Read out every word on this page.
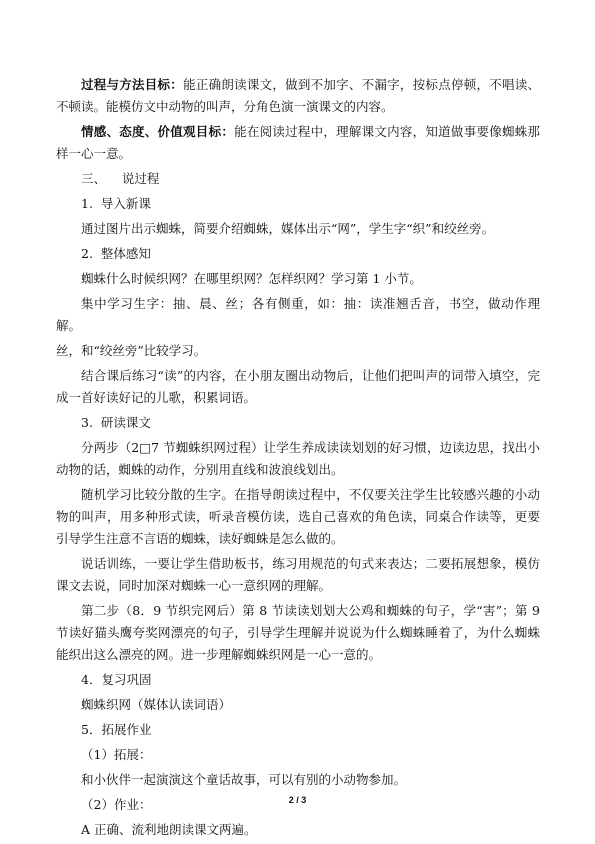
过程与方法目标：能正确朗读课文，做到不加字、不漏字，按标点停顿，不唱读、不顿读。能模仿文中动物的叫声，分角色演一演课文的内容。

情感、态度、价值观目标：能在阅读过程中，理解课文内容，知道做事要像蜘蛛那样一心一意。

三、    说过程

1.  导入新课

通过图片出示蜘蛛，简要介绍蜘蛛，媒体出示“网”，学生字“织”和绞丝旁。

2.  整体感知

蜘蛛什么时候织网？在哪里织网？怎样织网？学习第 1 小节。

集中学习生字：抽、晨、丝；各有侧重，如：抽：读准翘舌音，书空，做动作理解。

丝，和“绞丝旁”比较学习。

结合课后练习“读”的内容，在小朋友圈出动物后，让他们把叫声的词带入填空，完成一首好读好记的儿歌，积累词语。

3.  研读课文

分两步（2□7 节蜘蛛织网过程）让学生养成读读划划的好习惯，边读边思，找出小动物的话，蜘蛛的动作，分别用直线和波浪线划出。

随机学习比较分散的生字。在指导朗读过程中，不仅要关注学生比较感兴趣的小动物的叫声，用多种形式读，听录音模仿读，选自己喜欢的角色读，同桌合作读等，更要引导学生注意不言语的蜘蛛，读好蜘蛛是怎么做的。

说话训练，一要让学生借助板书，练习用规范的句式来表达；二要拓展想象，模仿课文去说，同时加深对蜘蛛一心一意织网的理解。

第二步（8．9 节织完网后）第 8 节读读划划大公鸡和蜘蛛的句子，学“害”；第 9 节读好猫头鹰夸奖网漂亮的句子，引导学生理解并说说为什么蜘蛛睡着了，为什么蜘蛛能织出这么漂亮的网。进一步理解蜘蛛织网是一心一意的。

4．复习巩固

蜘蛛织网（媒体认读词语）

5．拓展作业

（1）拓展：

和小伙伴一起演演这个童话故事，可以有别的小动物参加。

（2）作业：

A 正确、流利地朗读课文两遍。

2 / 3
